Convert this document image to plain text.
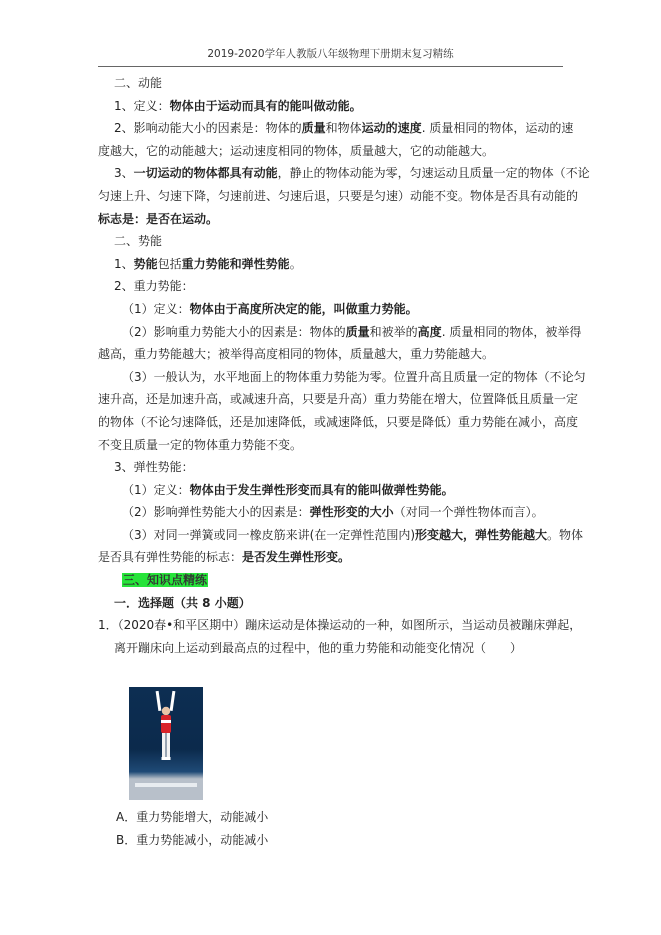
2019-2020学年人教版八年级物理下册期末复习精练
二、动能
1、定义：物体由于运动而具有的能叫做动能。
2、影响动能大小的因素是：物体的质量和物体运动的速度. 质量相同的物体，运动的速
度越大，它的动能越大；运动速度相同的物体，质量越大，它的动能越大。
3、一切运动的物体都具有动能，静止的物体动能为零，匀速运动且质量一定的物体（不论
匀速上升、匀速下降，匀速前进、匀速后退，只要是匀速）动能不变。物体是否具有动能的
标志是：是否在运动。
二、势能
1、势能包括重力势能和弹性势能。
2、重力势能：
（1）定义：物体由于高度所决定的能，叫做重力势能。
（2）影响重力势能大小的因素是：物体的质量和被举的高度. 质量相同的物体，被举得
越高，重力势能越大；被举得高度相同的物体，质量越大，重力势能越大。
（3）一般认为，水平地面上的物体重力势能为零。位置升高且质量一定的物体（不论匀
速升高，还是加速升高，或减速升高，只要是升高）重力势能在增大，位置降低且质量一定
的物体（不论匀速降低，还是加速降低，或减速降低，只要是降低）重力势能在减小，高度
不变且质量一定的物体重力势能不变。
3、弹性势能：
（1）定义：物体由于发生弹性形变而具有的能叫做弹性势能。
（2）影响弹性势能大小的因素是：弹性形变的大小（对同一个弹性物体而言）。
（3）对同一弹簧或同一橡皮筋来讲(在一定弹性范围内)形变越大，弹性势能越大。物体
是否具有弹性势能的标志：是否发生弹性形变。
三、知识点精练
一．选择题（共 8 小题）
1．（2020春•和平区期中）蹦床运动是体操运动的一种，如图所示，当运动员被蹦床弹起，
离开蹦床向上运动到最高点的过程中，他的重力势能和动能变化情况（　　）
A．重力势能增大，动能减小
B．重力势能减小，动能减小
